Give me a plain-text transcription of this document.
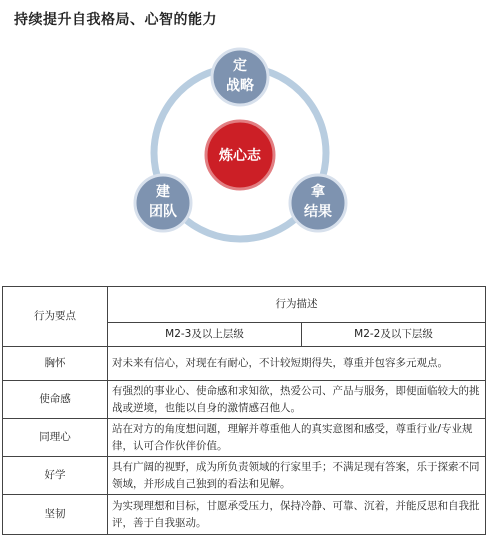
持续提升自我格局、心智的能力
定
战略
拿
结果
建
团队
炼心志
行为要点	行为描述	
	M2-3及以上层级	M2-2及以下层级
胸怀	对未来有信心，对现在有耐心，不计较短期得失，尊重并包容多元观点。	
使命感	有强烈的事业心、使命感和求知欲，热爱公司、产品与服务，即便面临较大的挑战或逆境，也能以自身的激情感召他人。	
同理心	站在对方的角度想问题，理解并尊重他人的真实意图和感受，尊重行业/专业规律，认可合作伙伴价值。	
好学	具有广阔的视野，成为所负责领域的行家里手；不满足现有答案，乐于探索不同领域，并形成自己独到的看法和见解。	
坚韧	为实现理想和目标，甘愿承受压力，保持冷静、可靠、沉着，并能反思和自我批评，善于自我驱动。	
